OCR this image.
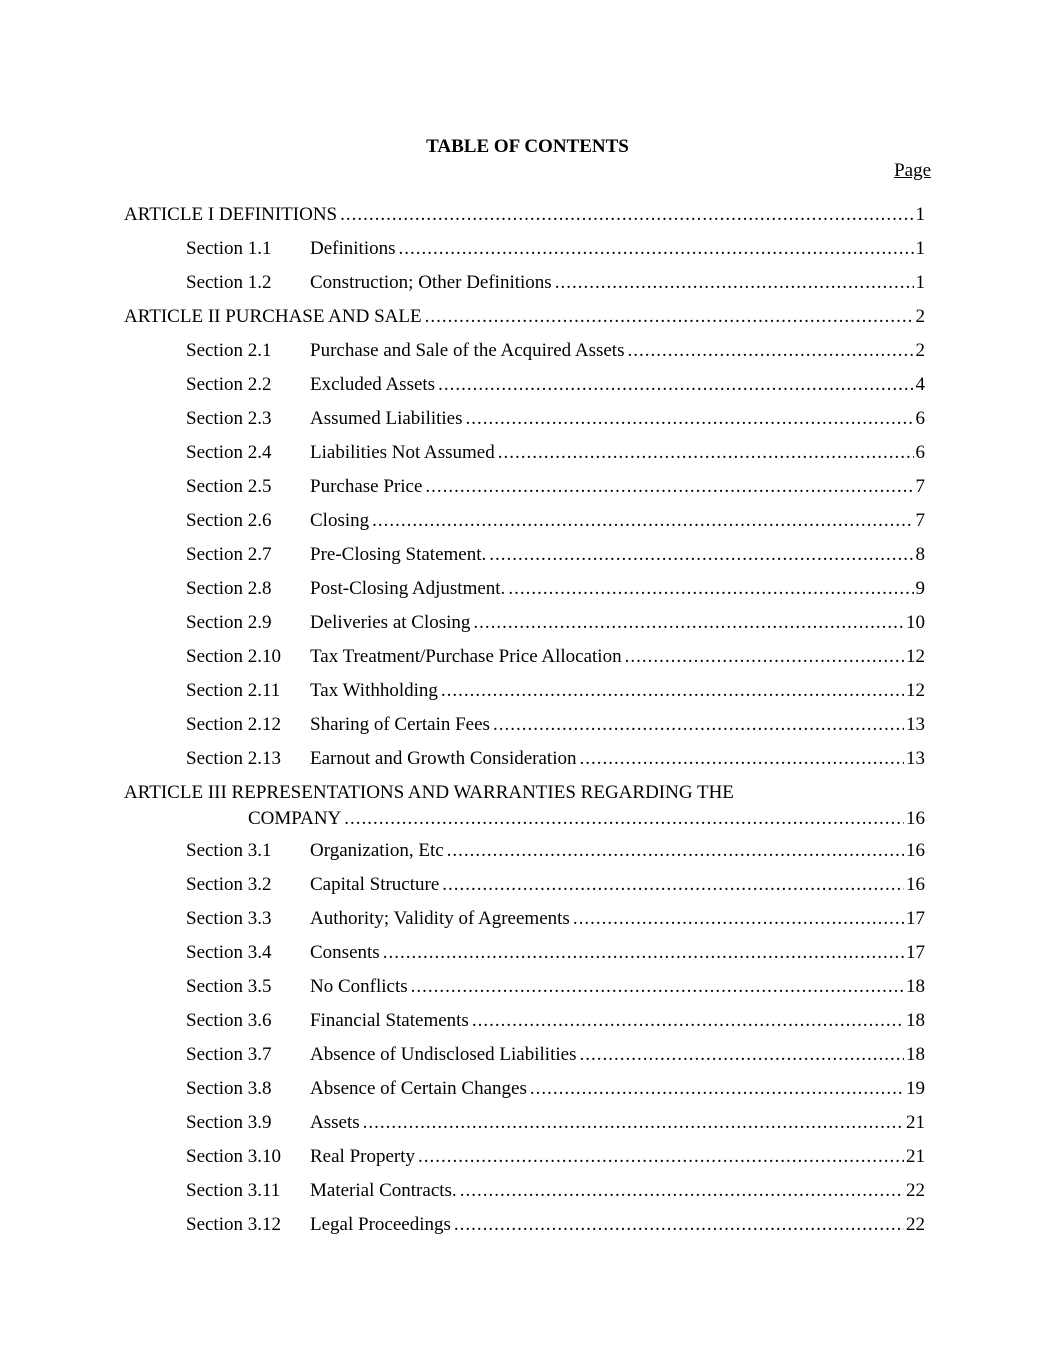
TABLE OF CONTENTS
Page
ARTICLE I DEFINITIONS .....	1
Section 1.1	Definitions .....	1
Section 1.2	Construction; Other Definitions .....	1
ARTICLE II PURCHASE AND SALE .....	2
Section 2.1	Purchase and Sale of the Acquired Assets .....	2
Section 2.2	Excluded Assets .....	4
Section 2.3	Assumed Liabilities .....	6
Section 2.4	Liabilities Not Assumed .....	6
Section 2.5	Purchase Price .....	7
Section 2.6	Closing .....	7
Section 2.7	Pre-Closing Statement. .....	8
Section 2.8	Post-Closing Adjustment. .....	9
Section 2.9	Deliveries at Closing .....	10
Section 2.10	Tax Treatment/Purchase Price Allocation .....	12
Section 2.11	Tax Withholding .....	12
Section 2.12	Sharing of Certain Fees .....	13
Section 2.13	Earnout and Growth Consideration .....	13
ARTICLE III REPRESENTATIONS AND WARRANTIES REGARDING THE
COMPANY .....	16
Section 3.1	Organization, Etc .....	16
Section 3.2	Capital Structure .....	16
Section 3.3	Authority; Validity of Agreements .....	17
Section 3.4	Consents .....	17
Section 3.5	No Conflicts .....	18
Section 3.6	Financial Statements .....	18
Section 3.7	Absence of Undisclosed Liabilities .....	18
Section 3.8	Absence of Certain Changes .....	19
Section 3.9	Assets .....	21
Section 3.10	Real Property .....	21
Section 3.11	Material Contracts. .....	22
Section 3.12	Legal Proceedings .....	22
